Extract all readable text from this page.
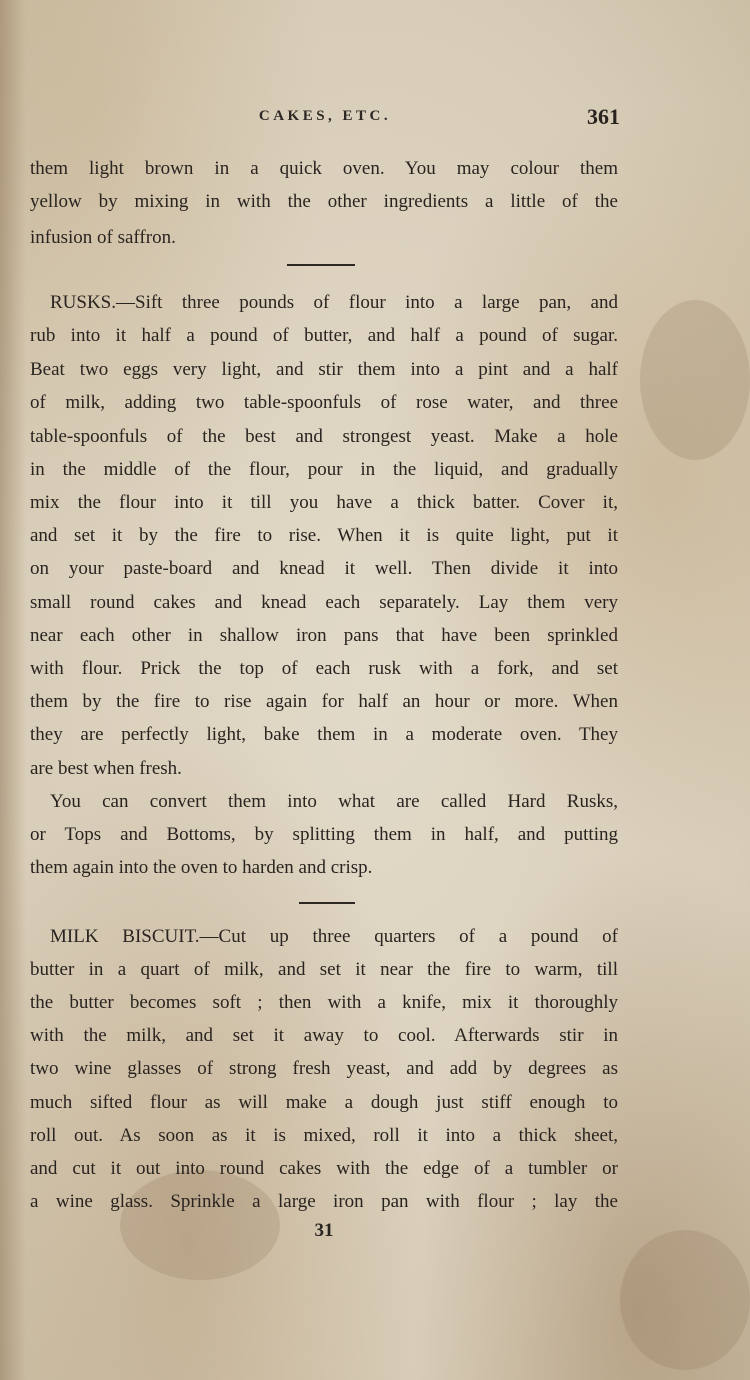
CAKES, ETC.	361
them light brown in a quick oven. You may colour them
yellow by mixing in with the other ingredients a little of the
infusion of saffron.
RUSKS.—Sift three pounds of flour into a large pan, and
rub into it half a pound of butter, and half a pound of sugar.
Beat two eggs very light, and stir them into a pint and a half
of milk, adding two table-spoonfuls of rose water, and three
table-spoonfuls of the best and strongest yeast. Make a hole
in the middle of the flour, pour in the liquid, and gradually
mix the flour into it till you have a thick batter. Cover it,
and set it by the fire to rise. When it is quite light, put it
on your paste-board and knead it well. Then divide it into
small round cakes and knead each separately. Lay them very
near each other in shallow iron pans that have been sprinkled
with flour. Prick the top of each rusk with a fork, and set
them by the fire to rise again for half an hour or more. When
they are perfectly light, bake them in a moderate oven. They
are best when fresh.
You can convert them into what are called Hard Rusks,
or Tops and Bottoms, by splitting them in half, and putting
them again into the oven to harden and crisp.
MILK BISCUIT.—Cut up three quarters of a pound of
butter in a quart of milk, and set it near the fire to warm, till
the butter becomes soft ; then with a knife, mix it thoroughly
with the milk, and set it away to cool. Afterwards stir in
two wine glasses of strong fresh yeast, and add by degrees as
much sifted flour as will make a dough just stiff enough to
roll out. As soon as it is mixed, roll it into a thick sheet,
and cut it out into round cakes with the edge of a tumbler or
a wine glass. Sprinkle a large iron pan with flour ; lay the
31
